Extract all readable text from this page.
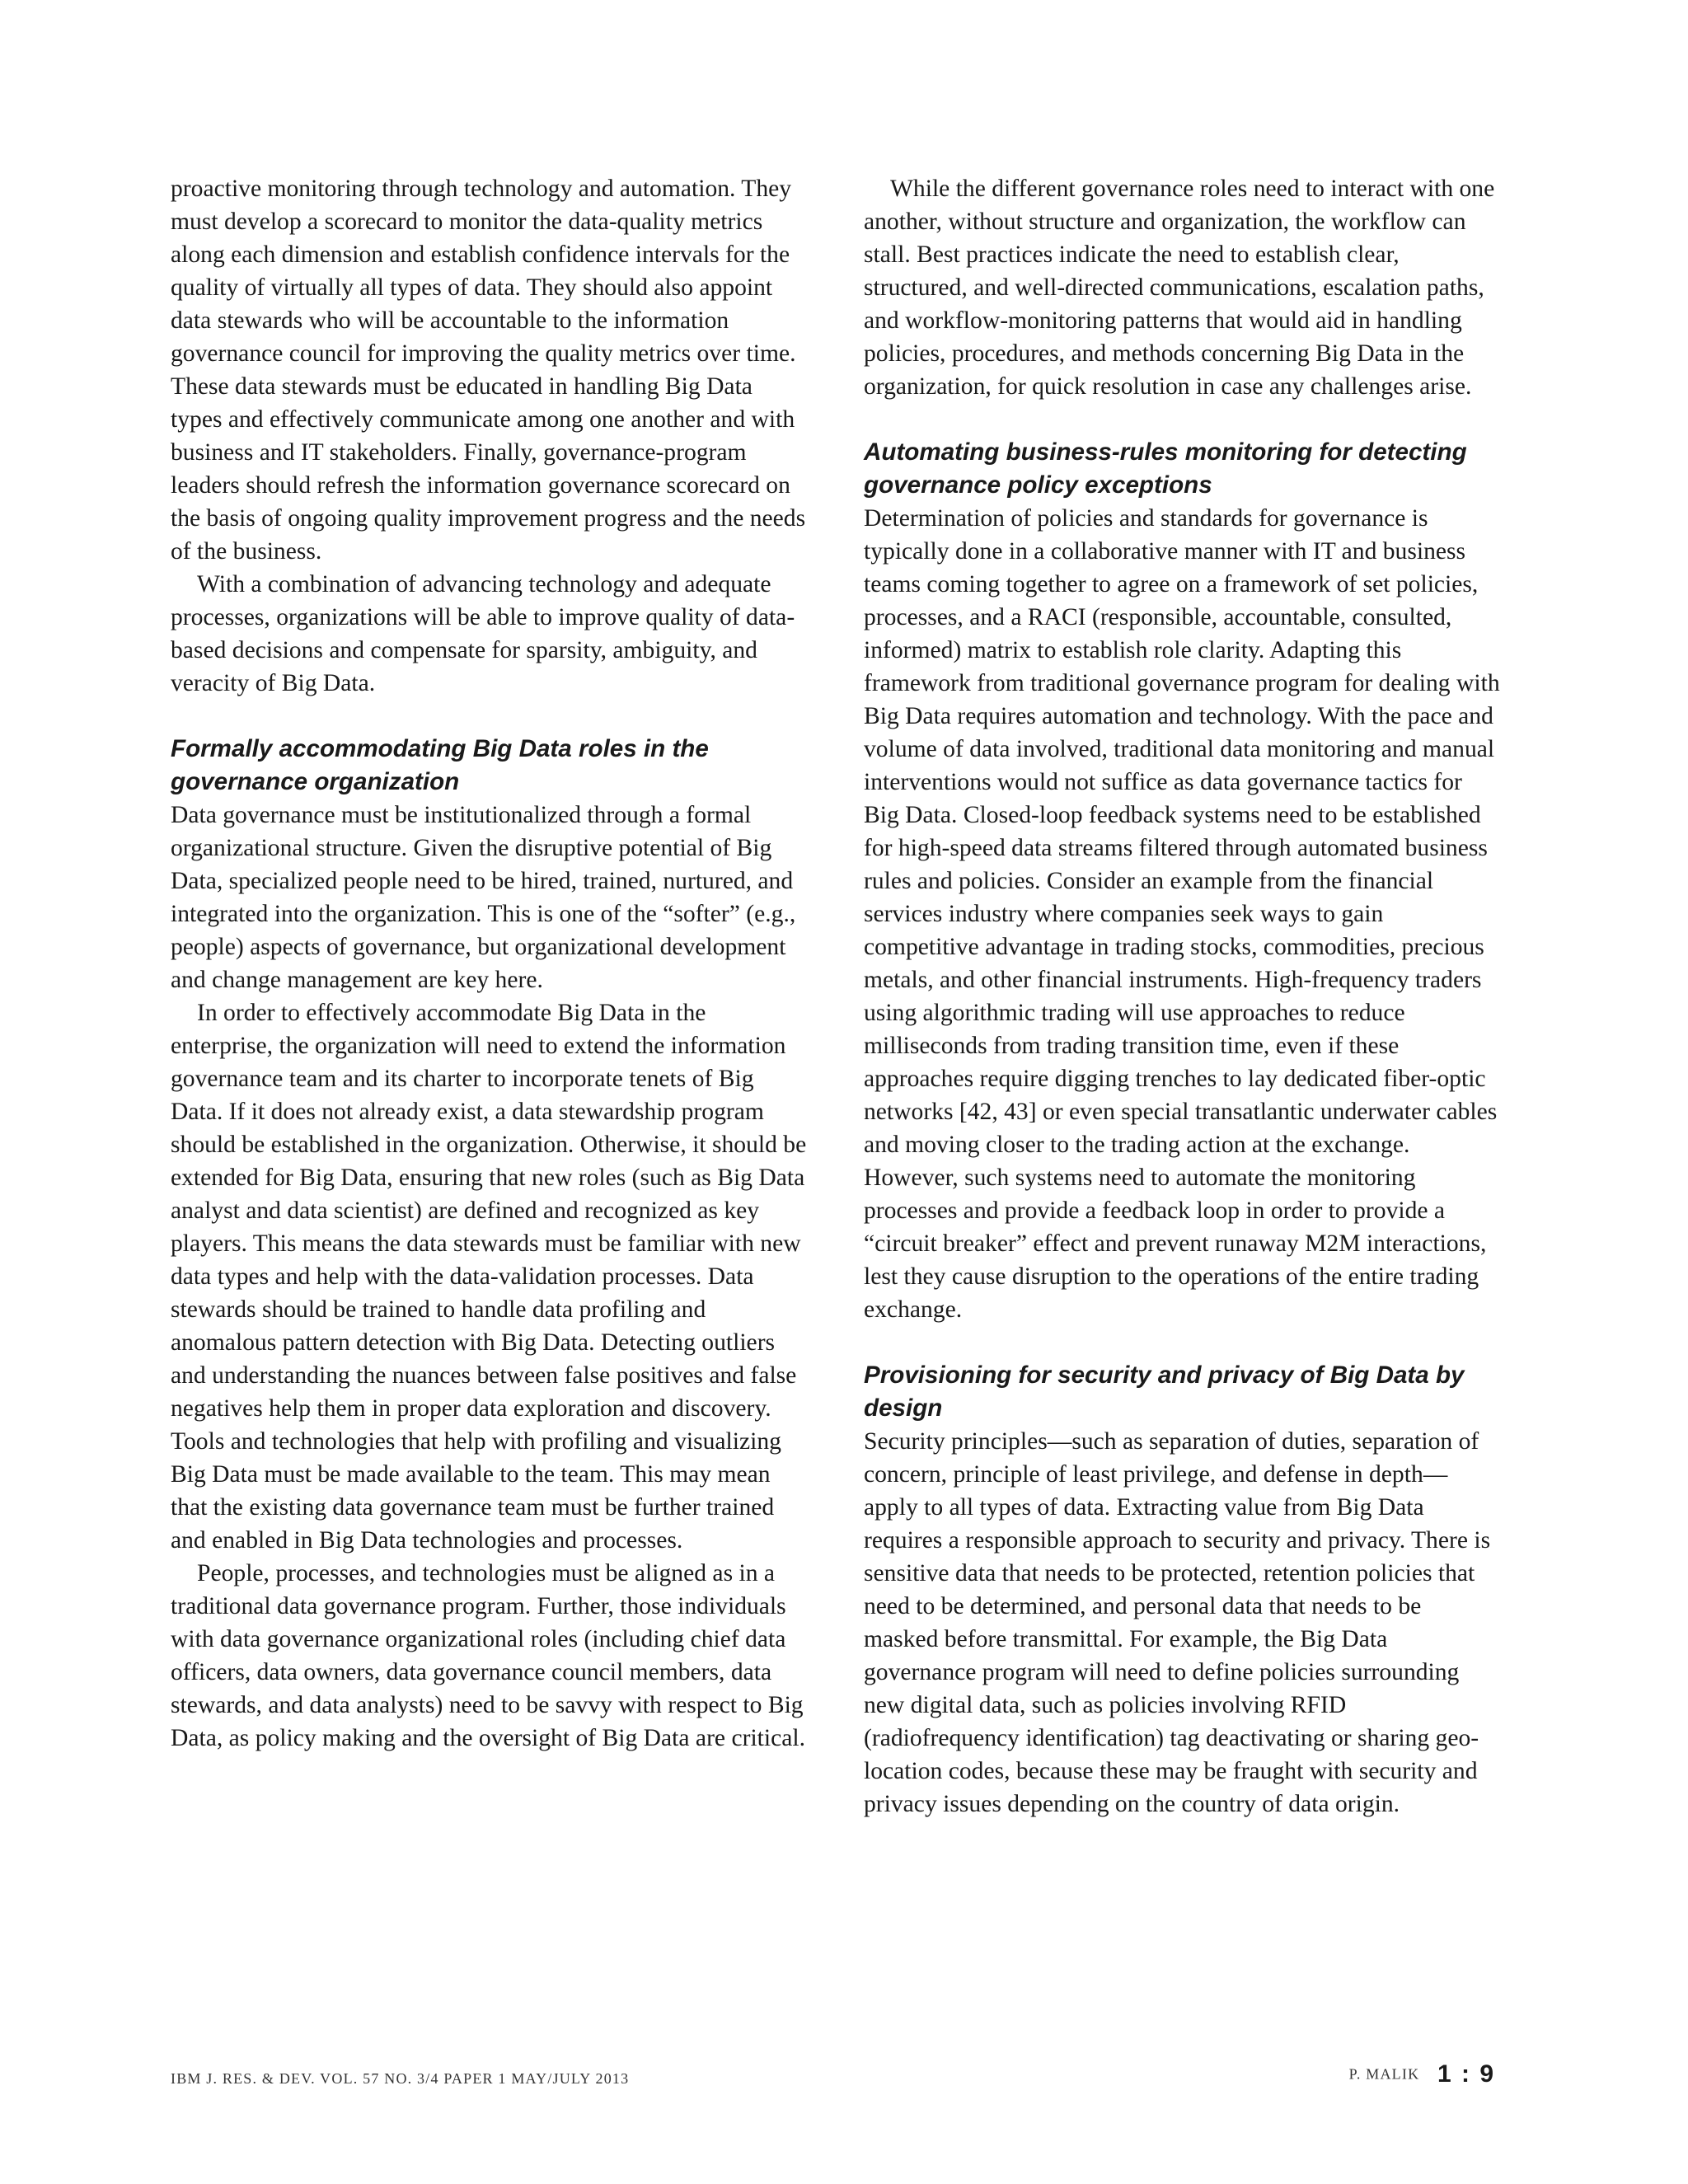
proactive monitoring through technology and automation. They must develop a scorecard to monitor the data-quality metrics along each dimension and establish confidence intervals for the quality of virtually all types of data. They should also appoint data stewards who will be accountable to the information governance council for improving the quality metrics over time. These data stewards must be educated in handling Big Data types and effectively communicate among one another and with business and IT stakeholders. Finally, governance-program leaders should refresh the information governance scorecard on the basis of ongoing quality improvement progress and the needs of the business.

With a combination of advancing technology and adequate processes, organizations will be able to improve quality of data-based decisions and compensate for sparsity, ambiguity, and veracity of Big Data.

Formally accommodating Big Data roles in the governance organization

Data governance must be institutionalized through a formal organizational structure. Given the disruptive potential of Big Data, specialized people need to be hired, trained, nurtured, and integrated into the organization. This is one of the “softer” (e.g., people) aspects of governance, but organizational development and change management are key here.

In order to effectively accommodate Big Data in the enterprise, the organization will need to extend the information governance team and its charter to incorporate tenets of Big Data. If it does not already exist, a data stewardship program should be established in the organization. Otherwise, it should be extended for Big Data, ensuring that new roles (such as Big Data analyst and data scientist) are defined and recognized as key players. This means the data stewards must be familiar with new data types and help with the data-validation processes. Data stewards should be trained to handle data profiling and anomalous pattern detection with Big Data. Detecting outliers and understanding the nuances between false positives and false negatives help them in proper data exploration and discovery. Tools and technologies that help with profiling and visualizing Big Data must be made available to the team. This may mean that the existing data governance team must be further trained and enabled in Big Data technologies and processes.

People, processes, and technologies must be aligned as in a traditional data governance program. Further, those individuals with data governance organizational roles (including chief data officers, data owners, data governance council members, data stewards, and data analysts) need to be savvy with respect to Big Data, as policy making and the oversight of Big Data are critical.

While the different governance roles need to interact with one another, without structure and organization, the workflow can stall. Best practices indicate the need to establish clear, structured, and well-directed communications, escalation paths, and workflow-monitoring patterns that would aid in handling policies, procedures, and methods concerning Big Data in the organization, for quick resolution in case any challenges arise.

Automating business-rules monitoring for detecting governance policy exceptions

Determination of policies and standards for governance is typically done in a collaborative manner with IT and business teams coming together to agree on a framework of set policies, processes, and a RACI (responsible, accountable, consulted, informed) matrix to establish role clarity. Adapting this framework from traditional governance program for dealing with Big Data requires automation and technology. With the pace and volume of data involved, traditional data monitoring and manual interventions would not suffice as data governance tactics for Big Data. Closed-loop feedback systems need to be established for high-speed data streams filtered through automated business rules and policies. Consider an example from the financial services industry where companies seek ways to gain competitive advantage in trading stocks, commodities, precious metals, and other financial instruments. High-frequency traders using algorithmic trading will use approaches to reduce milliseconds from trading transition time, even if these approaches require digging trenches to lay dedicated fiber-optic networks [42, 43] or even special transatlantic underwater cables and moving closer to the trading action at the exchange. However, such systems need to automate the monitoring processes and provide a feedback loop in order to provide a “circuit breaker” effect and prevent runaway M2M interactions, lest they cause disruption to the operations of the entire trading exchange.

Provisioning for security and privacy of Big Data by design

Security principles—such as separation of duties, separation of concern, principle of least privilege, and defense in depth—apply to all types of data. Extracting value from Big Data requires a responsible approach to security and privacy. There is sensitive data that needs to be protected, retention policies that need to be determined, and personal data that needs to be masked before transmittal. For example, the Big Data governance program will need to define policies surrounding new digital data, such as policies involving RFID (radiofrequency identification) tag deactivating or sharing geo-location codes, because these may be fraught with security and privacy issues depending on the country of data origin.

IBM J. RES. & DEV. VOL. 57 NO. 3/4 PAPER 1 MAY/JULY 2013	P. MALIK 1 : 9
